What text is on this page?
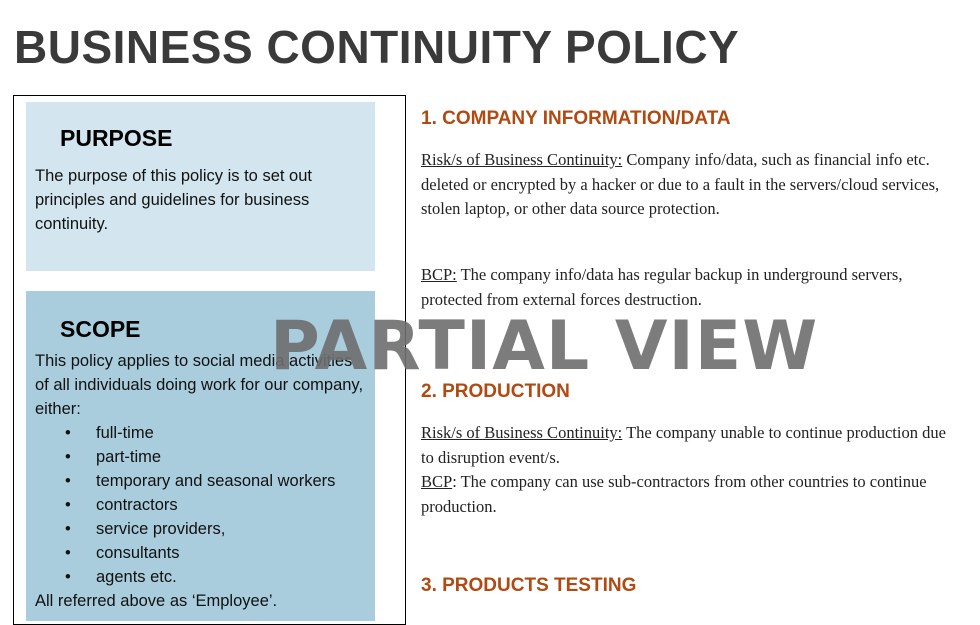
BUSINESS CONTINUITY POLICY
PURPOSE

The purpose of this policy is to set out principles and guidelines for business continuity.

SCOPE
This policy applies to social media activities of all individuals doing work for our company, either:
• full-time
• part-time
• temporary and seasonal workers
• contractors
• service providers,
• consultants
• agents etc.
All referred above as ‘Employee’.
1. COMPANY INFORMATION/DATA

Risk/s of Business Continuity: Company info/data, such as financial info etc. deleted or encrypted by a hacker or due to a fault in the servers/cloud services, stolen laptop, or other data source protection.

BCP: The company info/data has regular backup in underground servers, protected from external forces destruction.

2. PRODUCTION

Risk/s of Business Continuity: The company unable to continue production due to disruption event/s.
BCP: The company can use sub-contractors from other countries to continue production.

3. PRODUCTS TESTING
PARTIAL VIEW
